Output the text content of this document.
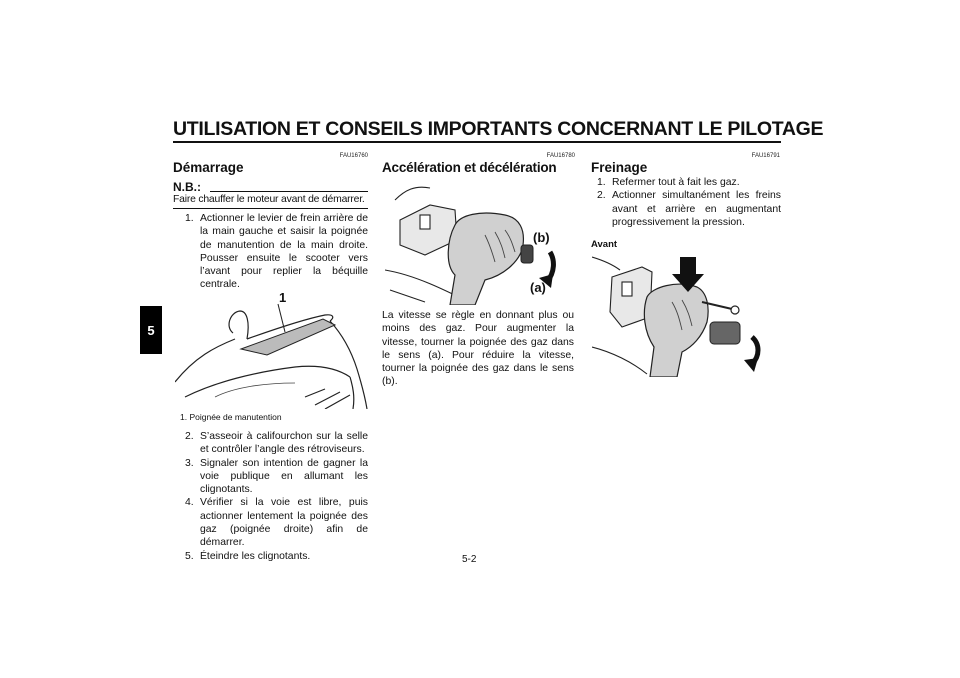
UTILISATION ET CONSEILS IMPORTANTS CONCERNANT LE PILOTAGE
5
FAU16760
Démarrage
N.B.:
Faire chauffer le moteur avant de démarrer.
1. Actionner le levier de frein arrière de la main gauche et saisir la poignée de manutention de la main droite. Pousser ensuite le scooter vers l’avant pour replier la béquille centrale.
1
1. Poignée de manutention
2. S’asseoir à califourchon sur la selle et contrôler l’angle des rétroviseurs.
3. Signaler son intention de gagner la voie publique en allumant les clignotants.
4. Vérifier si la voie est libre, puis actionner lentement la poignée des gaz (poignée droite) afin de démarrer.
5. Éteindre les clignotants.
FAU16780
Accélération et décélération
(b)
(a)
La vitesse se règle en donnant plus ou moins des gaz. Pour augmenter la vitesse, tourner la poignée des gaz dans le sens (a). Pour réduire la vitesse, tourner la poignée des gaz dans le sens (b).
FAU16791
Freinage
1. Refermer tout à fait les gaz.
2. Actionner simultanément les freins avant et arrière en augmentant progressivement la pression.
Avant
5-2
